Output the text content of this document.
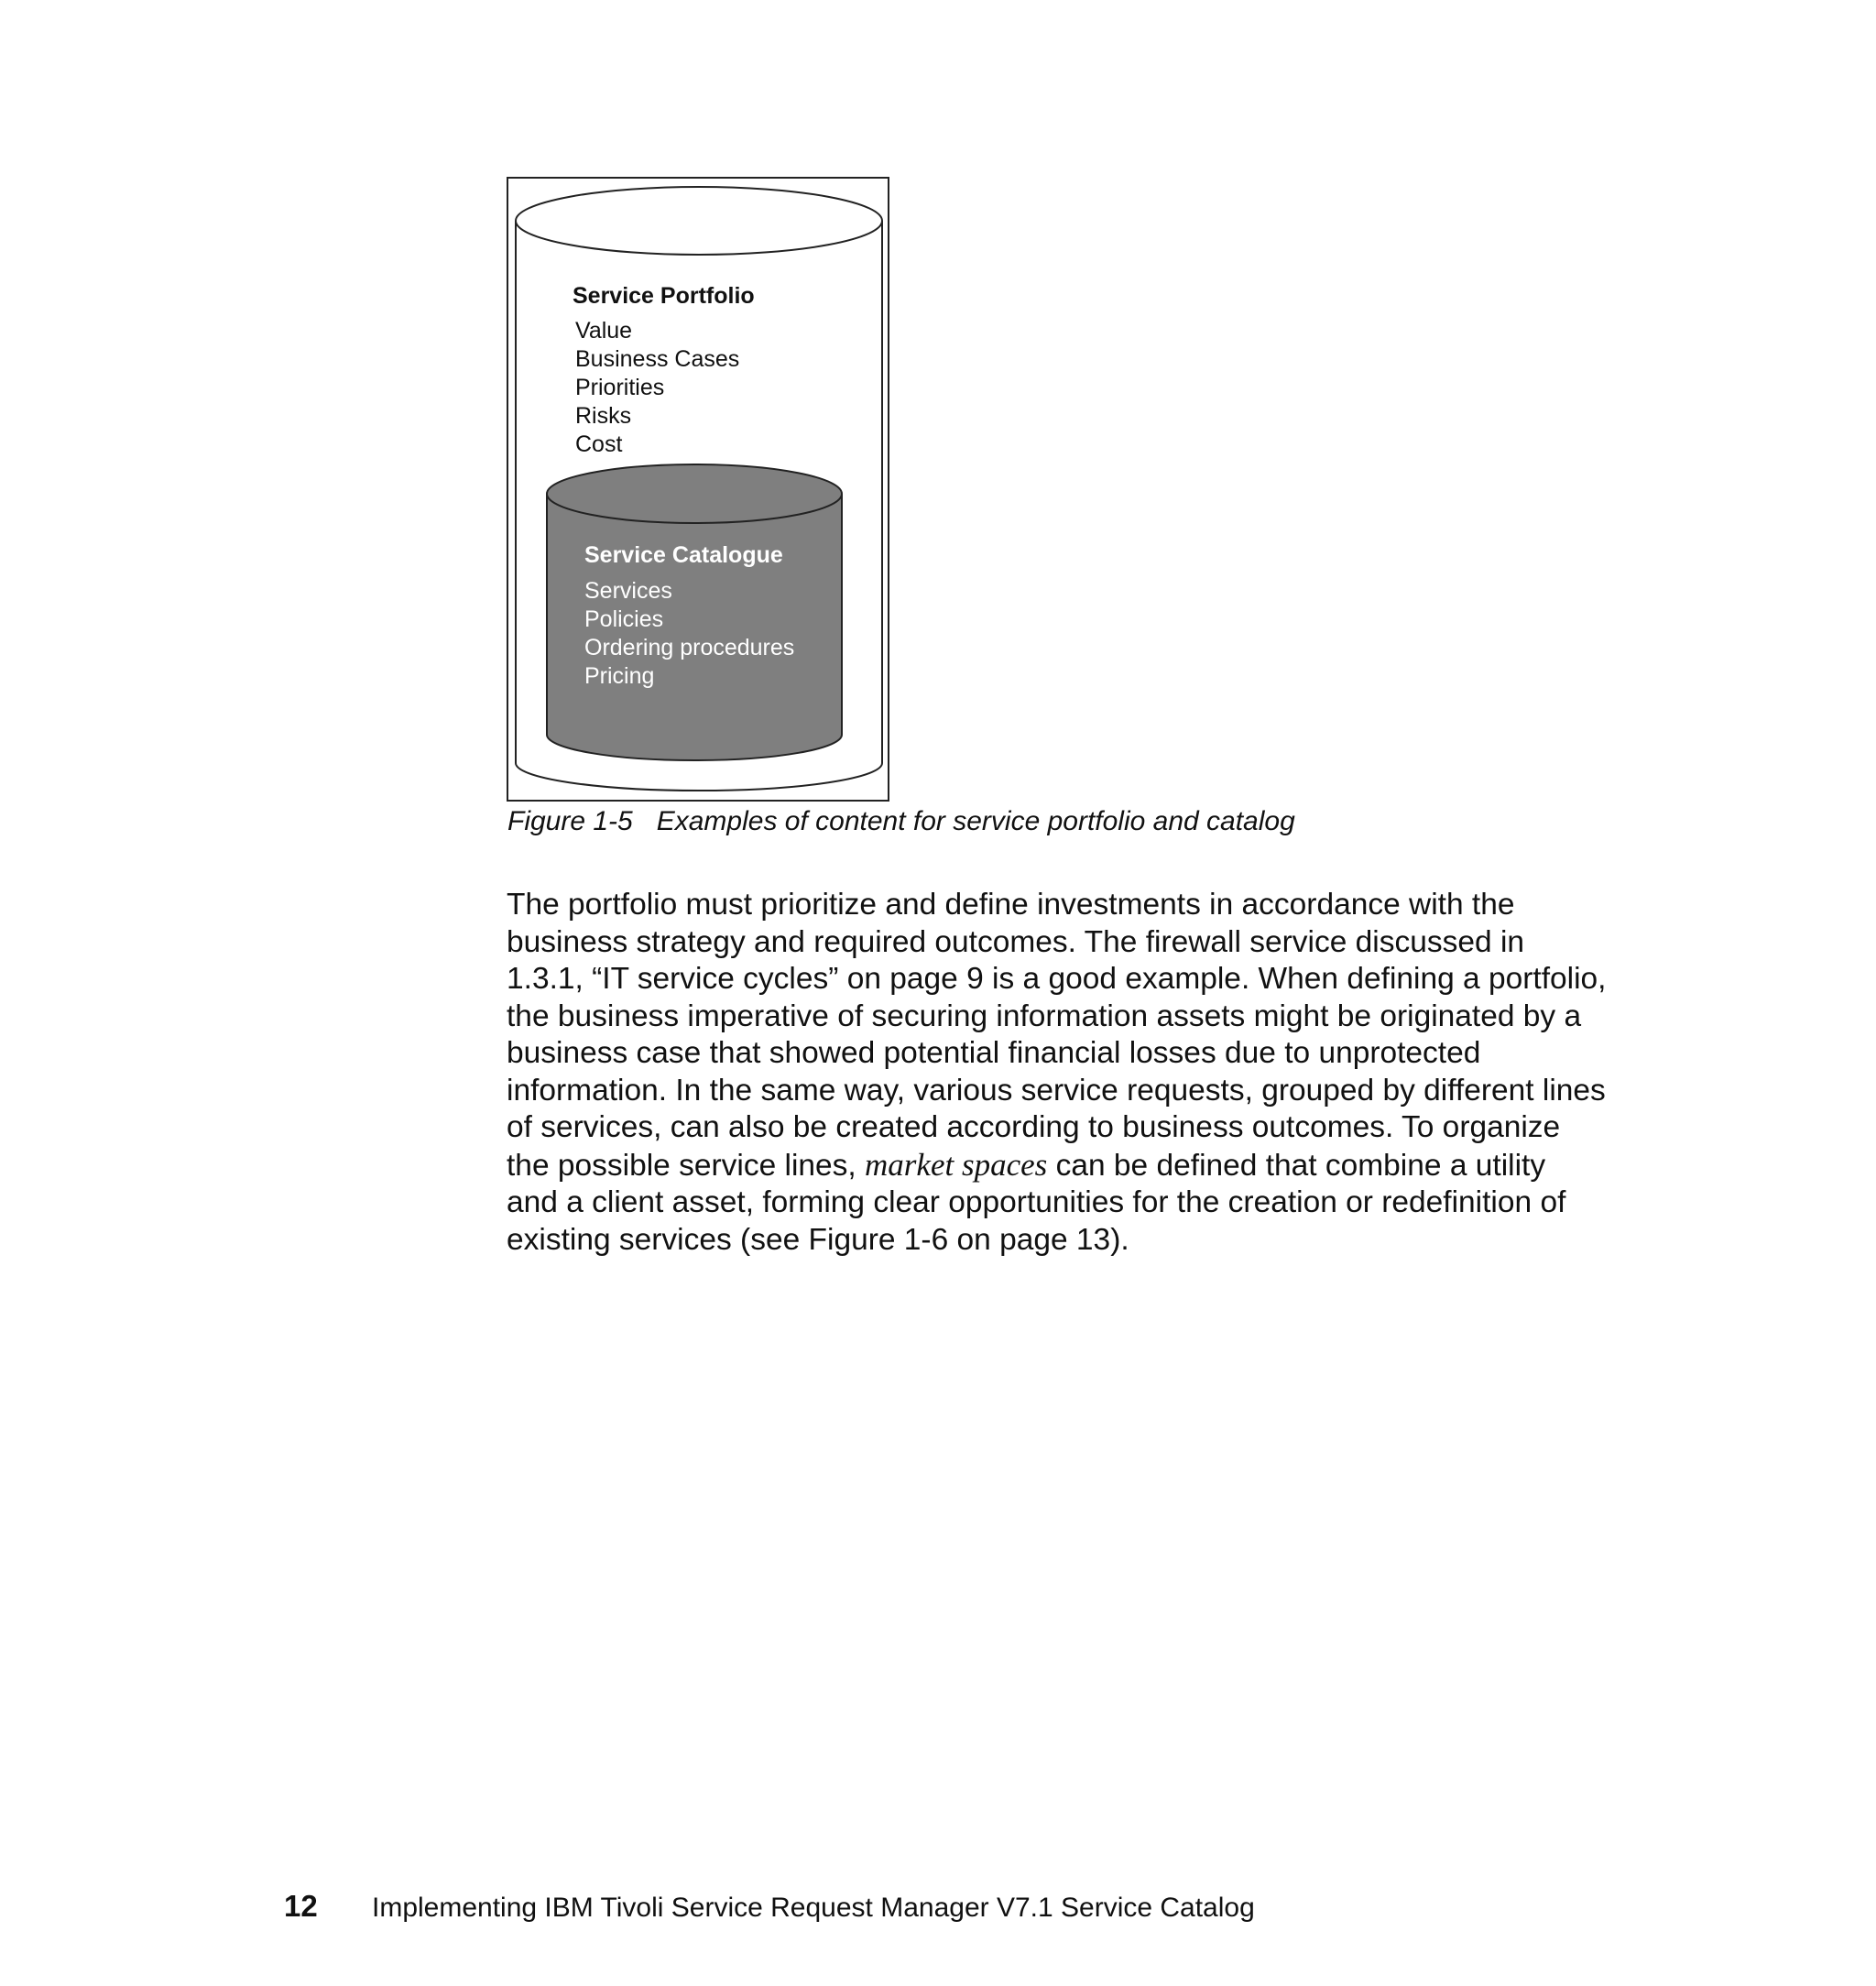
Service Portfolio
Value
Business Cases
Priorities
Risks
Cost
Service Catalogue
Services
Policies
Ordering procedures
Pricing
Figure 1-5 Examples of content for service portfolio and catalog
The portfolio must prioritize and define investments in accordance with the
business strategy and required outcomes. The firewall service discussed in
1.3.1, “IT service cycles” on page 9 is a good example. When defining a portfolio,
the business imperative of securing information assets might be originated by a
business case that showed potential financial losses due to unprotected
information. In the same way, various service requests, grouped by different lines
of services, can also be created according to business outcomes. To organize
the possible service lines, market spaces can be defined that combine a utility
and a client asset, forming clear opportunities for the creation or redefinition of
existing services (see Figure 1-6 on page 13).
12 Implementing IBM Tivoli Service Request Manager V7.1 Service Catalog
